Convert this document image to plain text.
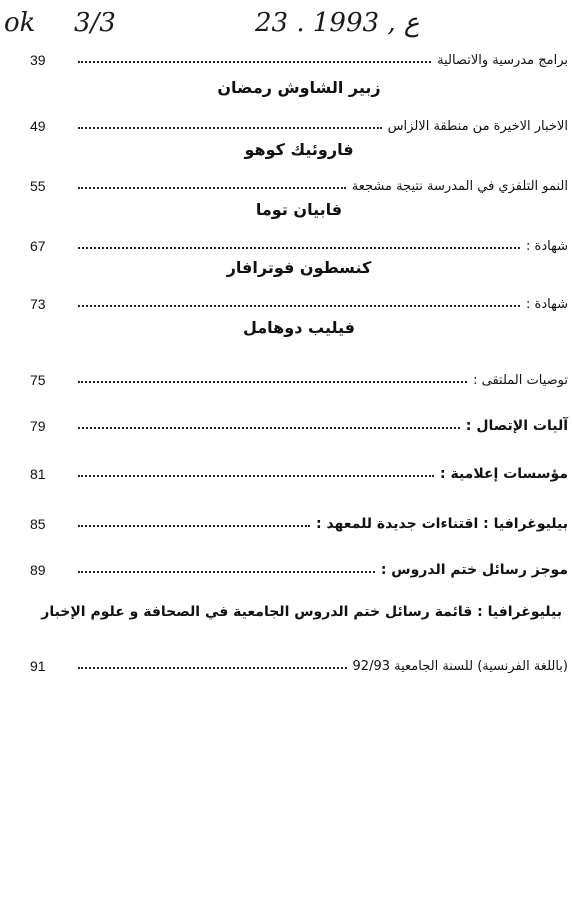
ok 3/3	23 . ع , 1993
برامج مدرسية والاتصالية
39
زبير الشاوش رمضان
الاخبار الاخيرة من منطقة الالزاس
49
فاروئيك كوهو
النمو التلفزي في المدرسة نتيجة مشجعة
55
فابيان توما
شهادة :
67
كنسطون فوترافار
شهادة :
73
فيليب دوهامل
توصيات الملتقى :
75
آليات الإتصال :
79
مؤسسات إعلامية :
81
بيليوغرافيا : اقتناءات جديدة للمعهد :
85
موجز رسائل ختم الدروس :
89
بيليوغرافيا : قائمة رسائل ختم الدروس الجامعية في الصحافة و علوم الإخبار
(باللغة الفرنسية) للسنة الجامعية 92/93
91
